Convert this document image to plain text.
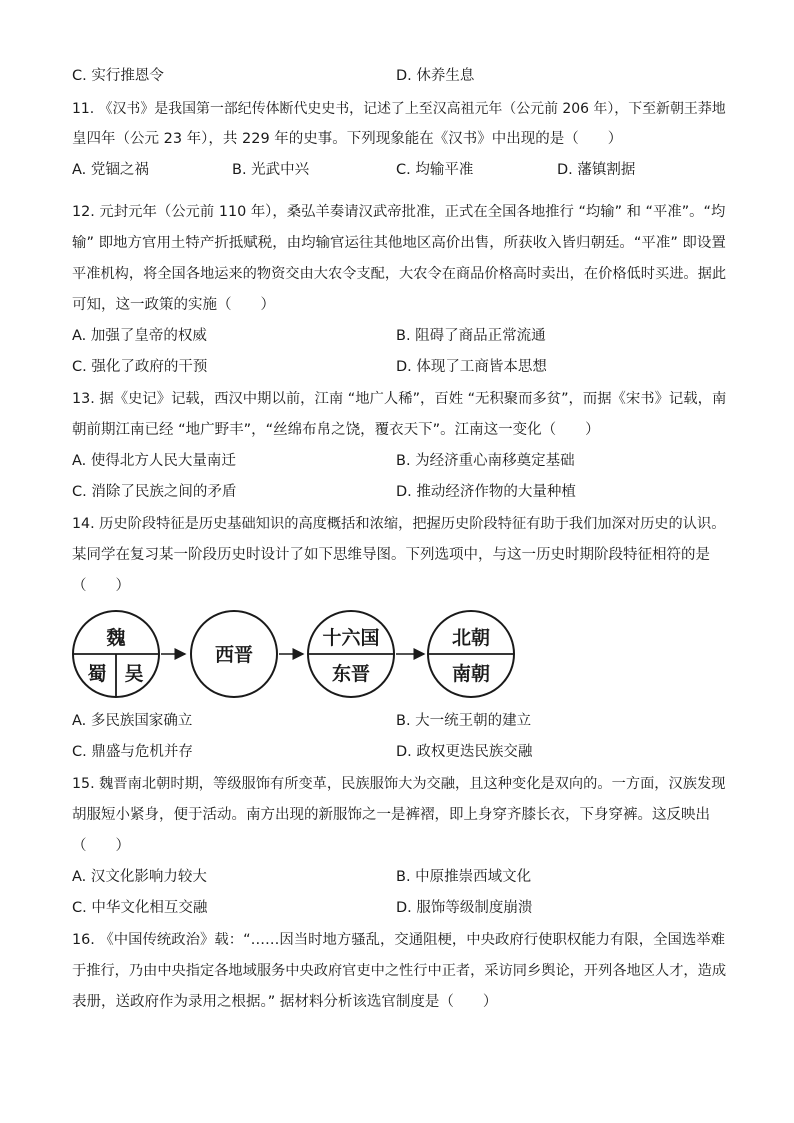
C. 实行推恩令	D. 休养生息
11. 《汉书》是我国第一部纪传体断代史史书，记述了上至汉高祖元年（公元前 206 年），下至新朝王莽地
皇四年（公元 23 年），共 229 年的史事。下列现象能在《汉书》中出现的是（　　）
A. 党锢之祸	B. 光武中兴	C. 均输平准	D. 藩镇割据
12. 元封元年（公元前 110 年），桑弘羊奏请汉武帝批准，正式在全国各地推行 “均输” 和 “平准”。“均
输” 即地方官用土特产折抵赋税，由均输官运往其他地区高价出售，所获收入皆归朝廷。“平准” 即设置
平准机构，将全国各地运来的物资交由大农令支配，大农令在商品价格高时卖出，在价格低时买进。据此
可知，这一政策的实施（　　）
A. 加强了皇帝的权威	B. 阻碍了商品正常流通
C. 强化了政府的干预	D. 体现了工商皆本思想
13. 据《史记》记载，西汉中期以前，江南 “地广人稀”，百姓 “无积聚而多贫”，而据《宋书》记载，南
朝前期江南已经 “地广野丰”，“丝绵布帛之饶，覆衣天下”。江南这一变化（　　）
A. 使得北方人民大量南迁	B. 为经济重心南移奠定基础
C. 消除了民族之间的矛盾	D. 推动经济作物的大量种植
14. 历史阶段特征是历史基础知识的高度概括和浓缩，把握历史阶段特征有助于我们加深对历史的认识。
某同学在复习某一阶段历史时设计了如下思维导图。下列选项中，与这一历史时期阶段特征相符的是
（　　）
魏
蜀 吴
西晋
十六国
东晋
北朝
南朝
A. 多民族国家确立	B. 大一统王朝的建立
C. 鼎盛与危机并存	D. 政权更迭民族交融
15. 魏晋南北朝时期，等级服饰有所变革，民族服饰大为交融，且这种变化是双向的。一方面，汉族发现
胡服短小紧身，便于活动。南方出现的新服饰之一是裤褶，即上身穿齐膝长衣，下身穿裤。这反映出
（　　）
A. 汉文化影响力较大	B. 中原推崇西域文化
C. 中华文化相互交融	D. 服饰等级制度崩溃
16. 《中国传统政治》载：“……因当时地方骚乱，交通阻梗，中央政府行使职权能力有限，全国选举难
于推行，乃由中央指定各地域服务中央政府官吏中之性行中正者，采访同乡舆论，开列各地区人才，造成
表册，送政府作为录用之根据。” 据材料分析该选官制度是（　　）
